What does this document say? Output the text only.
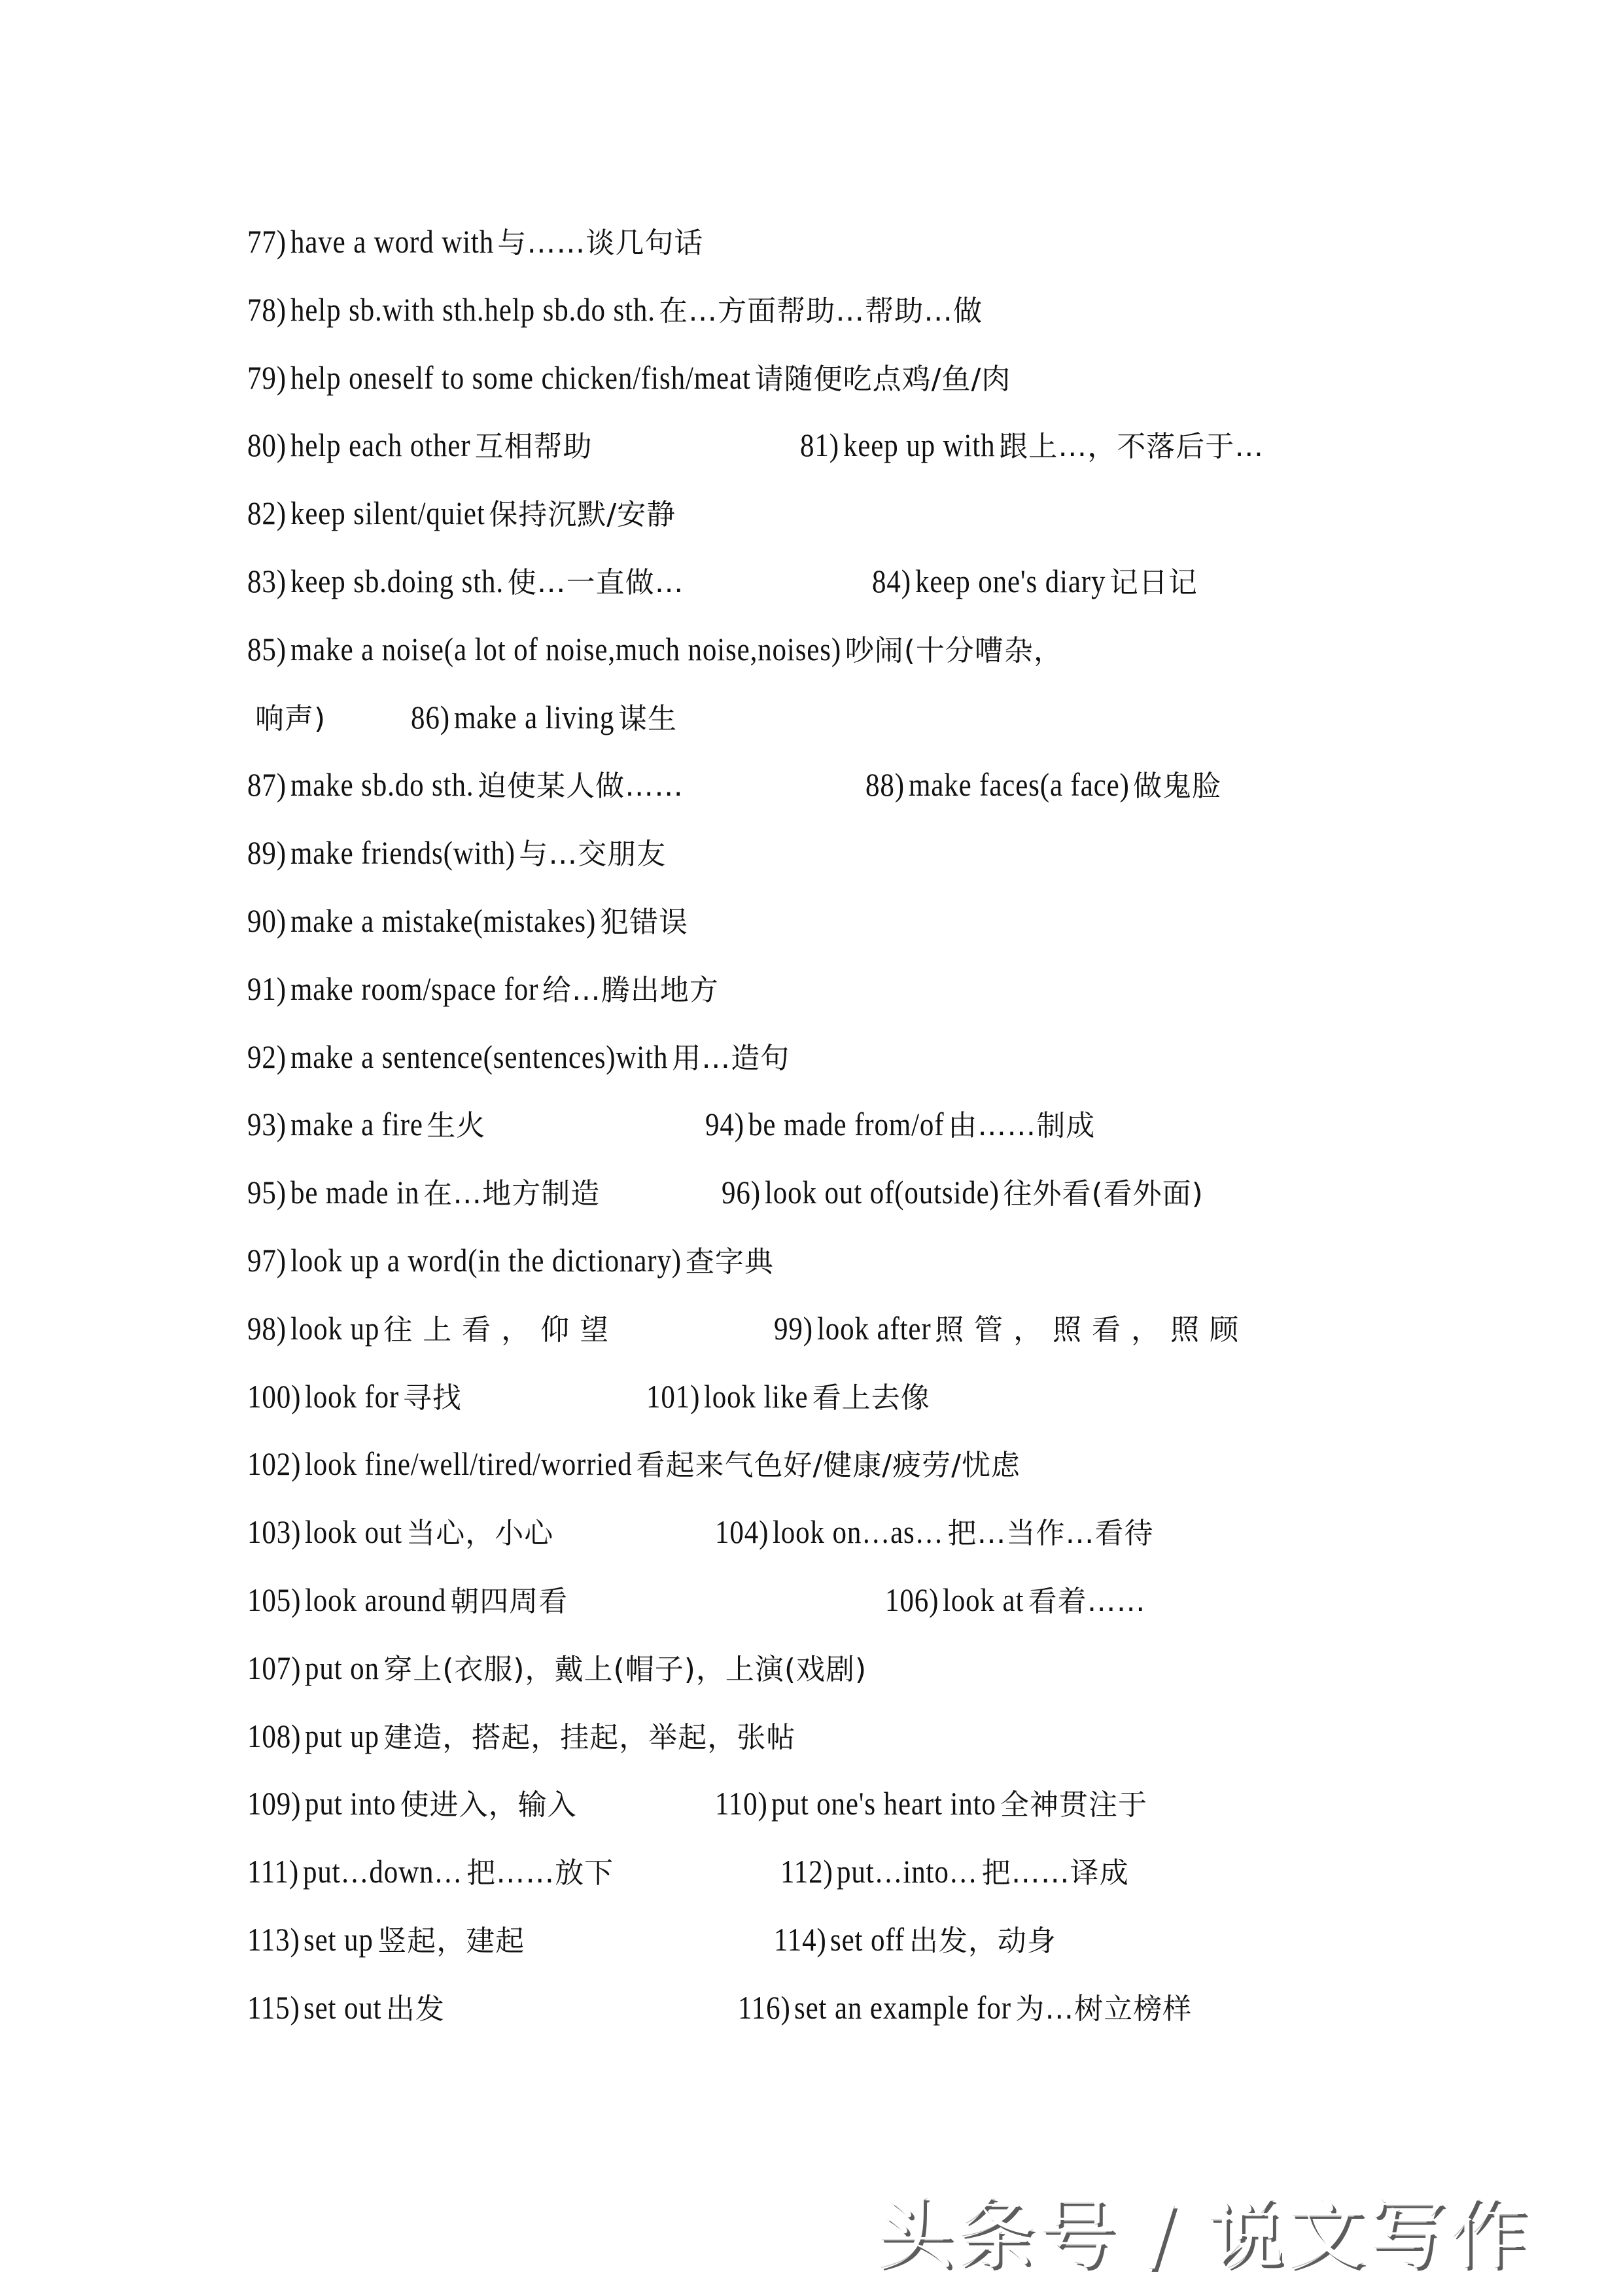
77) have a word with 与……谈几句话
78) help sb.with sth.help sb.do sth. 在…方面帮助…帮助…做
79) help oneself to some chicken/fish/meat 请随便吃点鸡/鱼/肉
80) help each other 互相帮助	81) keep up with 跟上…，不落后于…
82) keep silent/quiet 保持沉默/安静
83) keep sb.doing sth. 使…一直做…	84) keep one's diary 记日记
85) make a noise(a lot of noise,much noise,noises) 吵闹(十分嘈杂，
响声)	86) make a living 谋生
87) make sb.do sth. 迫使某人做……	88) make faces(a face) 做鬼脸
89) make friends(with) 与…交朋友
90) make a mistake(mistakes) 犯错误
91) make room/space for 给…腾出地方
92) make a sentence(sentences)with 用…造句
93) make a fire 生火	94) be made from/of 由……制成
95) be made in 在…地方制造	96) look out of(outside) 往外看(看外面)
97) look up a word(in the dictionary) 查字典
98) look up 往 上 看 ， 仰 望	99) look after 照 管 ， 照 看 ， 照 顾
100) look for 寻找	101) look like 看上去像
102) look fine/well/tired/worried 看起来气色好/健康/疲劳/忧虑
103) look out 当心，小心	104) look on…as… 把…当作…看待
105) look around 朝四周看	106) look at 看着……
107) put on 穿上(衣服)，戴上(帽子)，上演(戏剧)
108) put up 建造，搭起，挂起，举起，张帖
109) put into 使进入，输入	110) put one's heart into 全神贯注于
111) put…down… 把……放下	112) put…into… 把……译成
113) set up 竖起，建起	114) set off 出发，动身
115) set out 出发	116) set an example for 为…树立榜样
头条号 / 说文写作
